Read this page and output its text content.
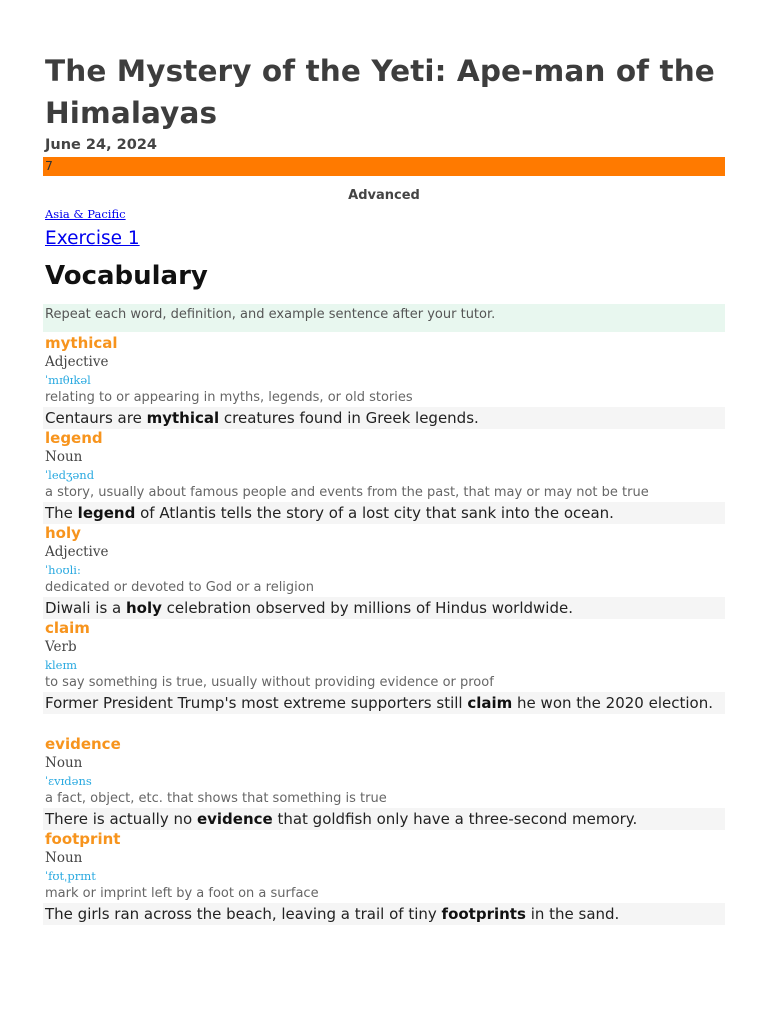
The Mystery of the Yeti: Ape-man of the Himalayas
June 24, 2024
7
Advanced
Asia & Pacific
Exercise 1
Vocabulary
Repeat each word, definition, and example sentence after your tutor.
mythical
Adjective
ˈmɪθɪkəl
relating to or appearing in myths, legends, or old stories
Centaurs are mythical creatures found in Greek legends.
legend
Noun
ˈledʒənd
a story, usually about famous people and events from the past, that may or may not be true
The legend of Atlantis tells the story of a lost city that sank into the ocean.
holy
Adjective
ˈhoʊli:
dedicated or devoted to God or a religion
Diwali is a holy celebration observed by millions of Hindus worldwide.
claim
Verb
kleɪm
to say something is true, usually without providing evidence or proof
Former President Trump's most extreme supporters still claim he won the 2020 election.
evidence
Noun
ˈɛvɪdəns
a fact, object, etc. that shows that something is true
There is actually no evidence that goldfish only have a three-second memory.
footprint
Noun
ˈfʊtˌprɪnt
mark or imprint left by a foot on a surface
The girls ran across the beach, leaving a trail of tiny footprints in the sand.
